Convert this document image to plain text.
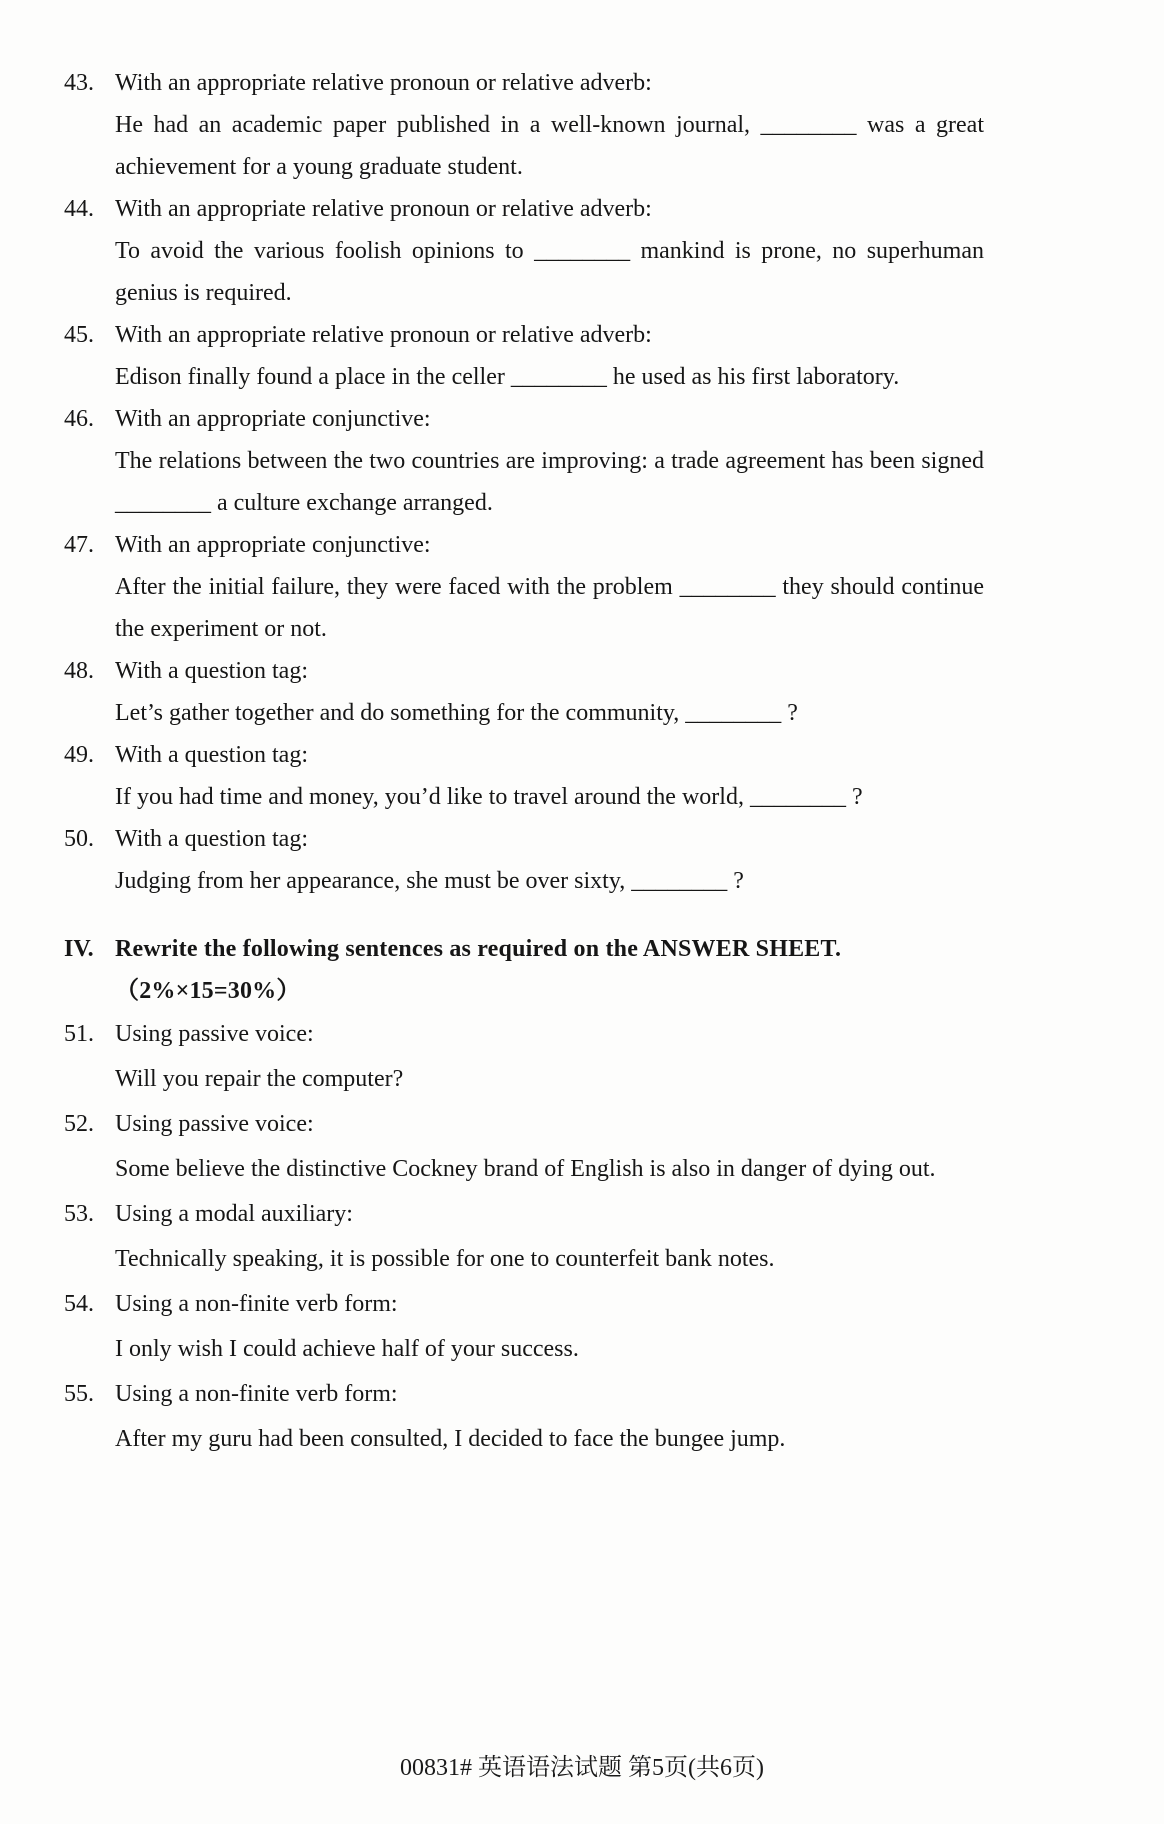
43. With an appropriate relative pronoun or relative adverb:

He had an academic paper published in a well-known journal, ________ was a great achievement for a young graduate student.

44. With an appropriate relative pronoun or relative adverb:

To avoid the various foolish opinions to ________ mankind is prone, no superhuman genius is required.

45. With an appropriate relative pronoun or relative adverb:

Edison finally found a place in the celler ________ he used as his first laboratory.

46. With an appropriate conjunctive:

The relations between the two countries are improving: a trade agreement has been signed ________ a culture exchange arranged.

47. With an appropriate conjunctive:

After the initial failure, they were faced with the problem ________ they should continue the experiment or not.

48. With a question tag:

Let’s gather together and do something for the community, ________ ?

49. With a question tag:

If you had time and money, you’d like to travel around the world, ________ ?

50. With a question tag:

Judging from her appearance, she must be over sixty, ________ ?

IV. Rewrite the following sentences as required on the ANSWER SHEET.

（2%×15=30%）

51. Using passive voice:

Will you repair the computer?

52. Using passive voice:

Some believe the distinctive Cockney brand of English is also in danger of dying out.

53. Using a modal auxiliary:

Technically speaking, it is possible for one to counterfeit bank notes.

54. Using a non-finite verb form:

I only wish I could achieve half of your success.

55. Using a non-finite verb form:

After my guru had been consulted, I decided to face the bungee jump.

00831# 英语语法试题 第5页(共6页)
